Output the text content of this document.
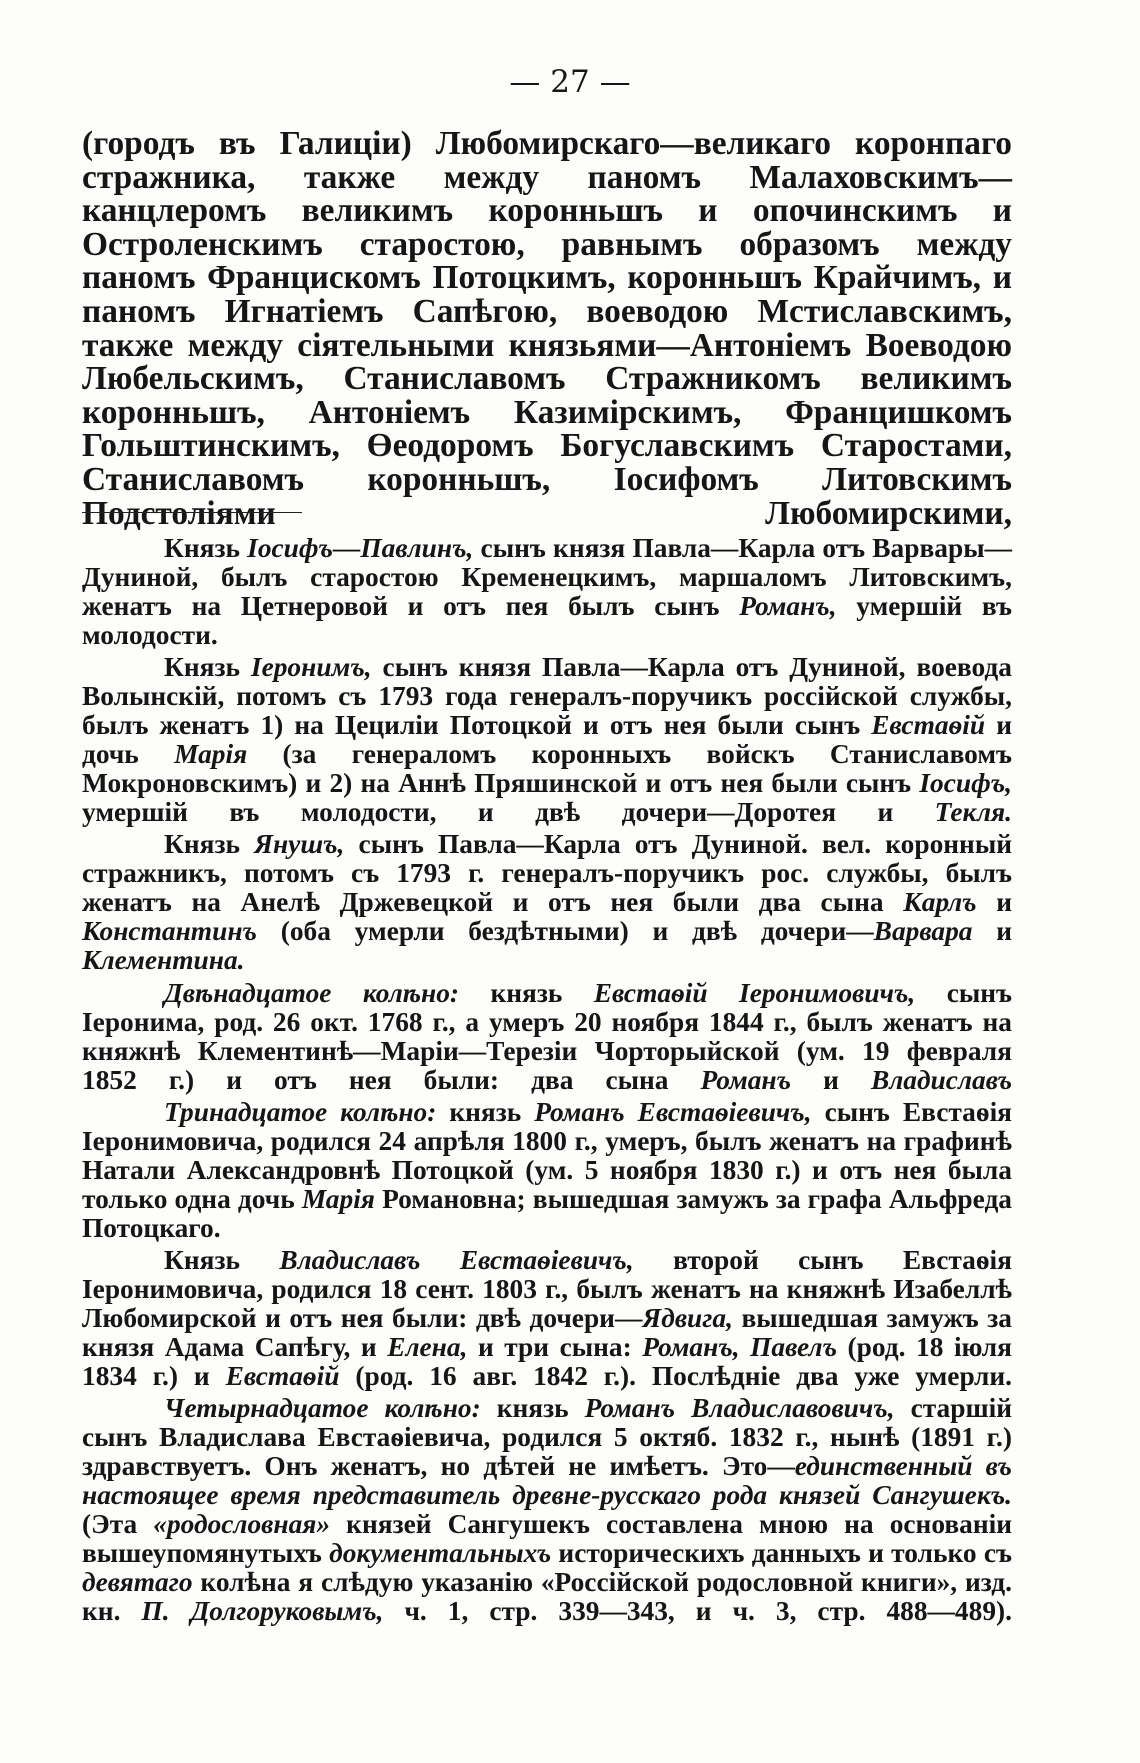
— 27 —

(городъ въ Галиціи) Любомирскаго—великаго коронпаго стражника, также между паномъ Малаховскимъ—канцлеромъ великимъ коронньшъ и опочинскимъ и Остроленскимъ старостою, равнымъ образомъ между паномъ Францискомъ Потоцкимъ, коронньшъ Крайчимъ, и паномъ Игнатіемъ Сапѣгою, воеводою Мстиславскимъ, также между сіятельными князьями—Антоніемъ Воеводою Любельскимъ, Станиславомъ Стражникомъ великимъ коронньшъ, Антоніемъ Казимірскимъ, Францишкомъ Гольштинскимъ, Өеодоромъ Богуславскимъ Старостами, Станиславомъ коронньшъ, Іосифомъ Литовскимъ Подстоліями Любомирскими,

Князь Іосифъ—Павлинъ, сынъ князя Павла—Карла отъ Варвары—Дуниной, былъ старостою Кременецкимъ, маршаломъ Литовскимъ, женатъ на Цетнеровой и отъ пея былъ сынъ Романъ, умершій въ молодости.

Князь Іеронимъ, сынъ князя Павла—Карла отъ Дуниной, воевода Волынскій, потомъ съ 1793 года генералъ-поручикъ россійской службы, былъ женатъ 1) на Цециліи Потоцкой и отъ нея были сынъ Евстаѳій и дочь Марія (за генераломъ коронныхъ войскъ Станиславомъ Мокроновскимъ) и 2) на Аннѣ Пряшинской и отъ нея были сынъ Іосифъ, умершій въ молодости, и двѣ дочери—Доротея и Текля.

Князь Янушъ, сынъ Павла—Карла отъ Дуниной. вел. коронный стражникъ, потомъ съ 1793 г. генералъ-поручикъ рос. службы, былъ женатъ на Анелѣ Држевецкой и отъ нея были два сына Карлъ и Константинъ (оба умерли бездѣтными) и двѣ дочери—Варвара и Клементина.

Двѣнадцатое колѣно: князь Евстаѳій Іеронимовичъ, сынъ Іеронима, род. 26 окт. 1768 г., а умеръ 20 ноября 1844 г., былъ женатъ на княжнѣ Клементинѣ—Маріи—Терезіи Чорторыйской (ум. 19 февраля 1852 г.) и отъ нея были: два сына Романъ и Владиславъ

Тринадцатое колѣно: князь Романъ Евстаѳіевичъ, сынъ Евстаѳія Іеронимовича, родился 24 апрѣля 1800 г., умеръ, былъ женатъ на графинѣ Натали Александровнѣ Потоцкой (ум. 5 ноября 1830 г.) и отъ нея была только одна дочь Марія Романовна; вышедшая замужъ за графа Альфреда Потоцкаго.

Князь Владиславъ Евстаѳіевичъ, второй сынъ Евстаѳія Іеронимовича, родился 18 сент. 1803 г., былъ женатъ на княжнѣ Изабеллѣ Любомирской и отъ нея были: двѣ дочери—Ядвига, вышедшая замужъ за князя Адама Сапѣгу, и Елена, и три сына: Романъ, Павелъ (род. 18 іюля 1834 г.) и Евстаѳій (род. 16 авг. 1842 г.). Послѣдніе два уже умерли.

Четырнадцатое колѣно: князь Романъ Владиславовичъ, старшій сынъ Владислава Евстаѳіевича, родился 5 октяб. 1832 г., нынѣ (1891 г.) здравствуетъ. Онъ женатъ, но дѣтей не имѣетъ. Это—единственный въ настоящее время представитель древне-русскаго рода князей Сангушекъ. (Эта «родословная» князей Сангушекъ составлена мною на основаніи вышеупомянутыхъ документальныхъ историческихъ данныхъ и только съ девятаго колѣна я слѣдую указанію «Россійской родословной книги», изд. кн. П. Долгоруковымъ, ч. 1, стр. 339—343, и ч. 3, стр. 488—489).
